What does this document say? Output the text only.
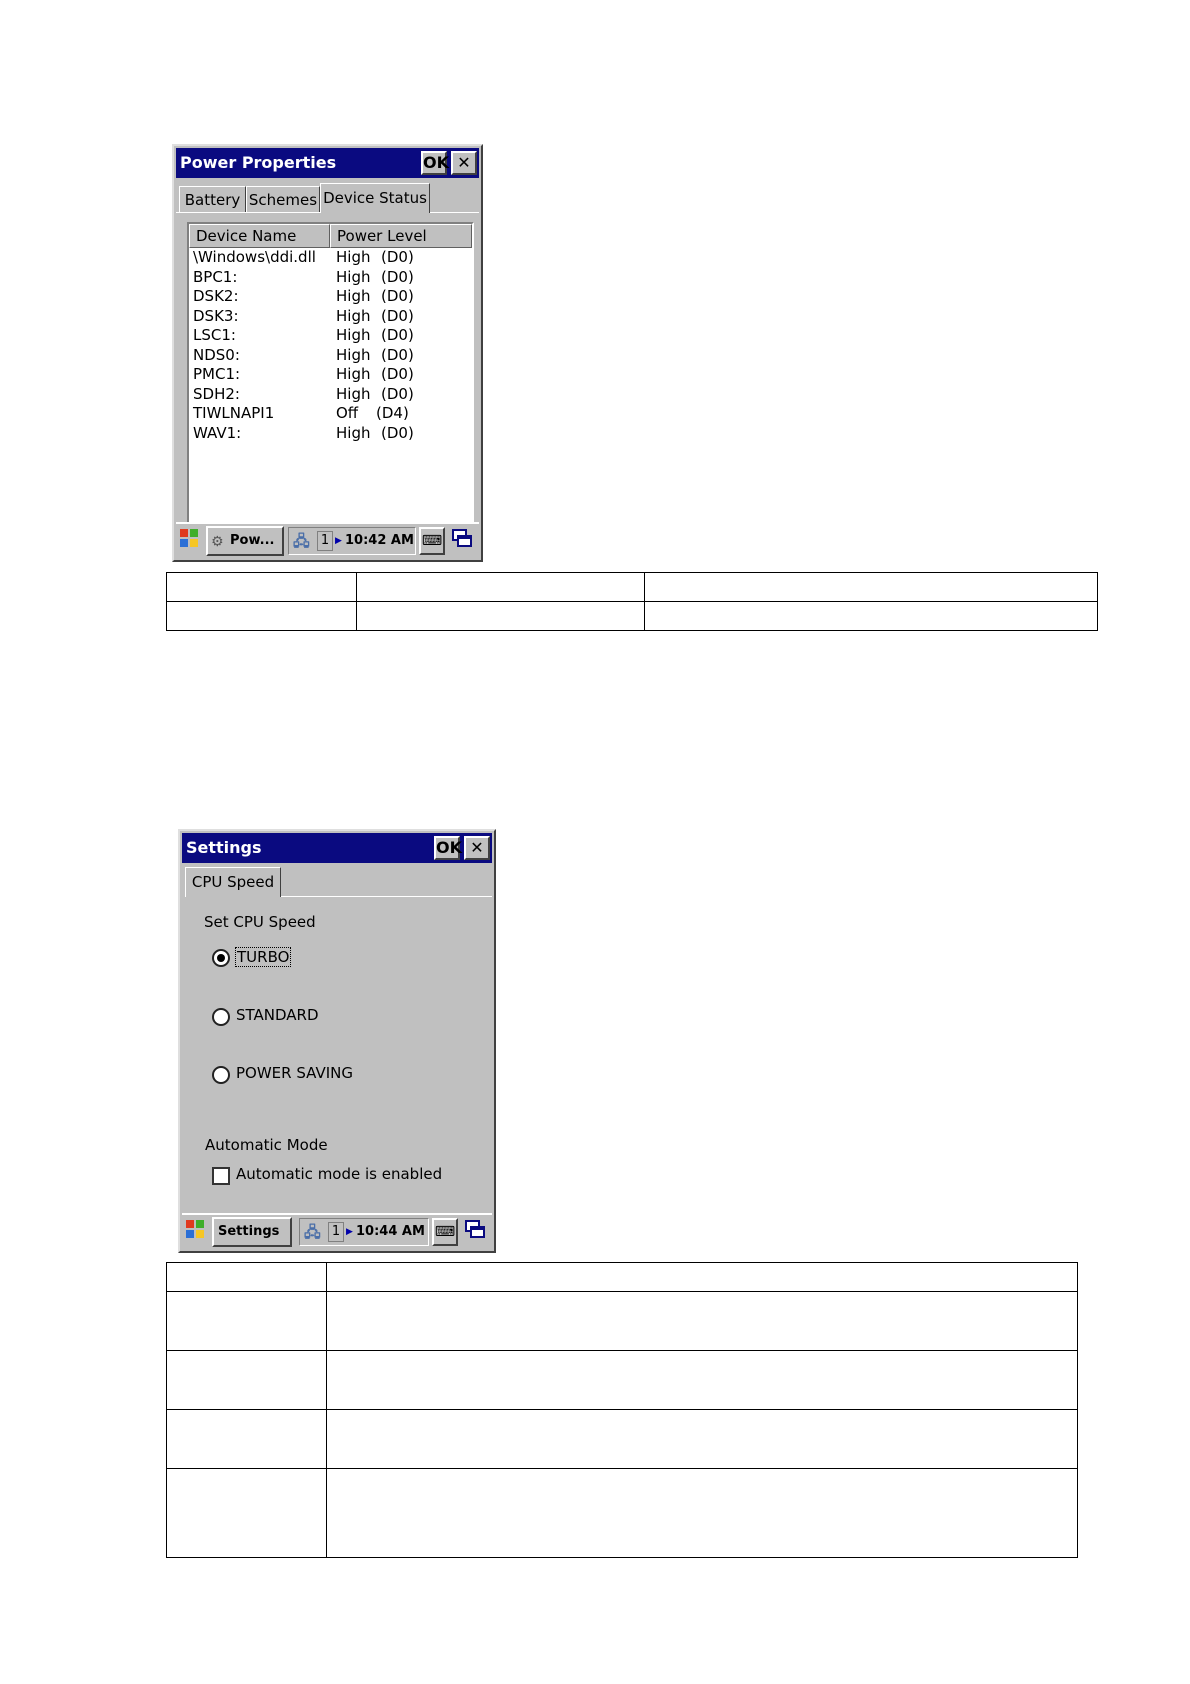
Power Properties	OK ✕
Battery Schemes Device Status
Device Name	Power Level
\Windows\ddi.dll High (D0)
BPC1:	High (D0)
DSK2:	High (D0)
DSK3:	High (D0)
LSC1:	High (D0)
NDS0:	High (D0)
PMC1:	High (D0)
SDH2:	High (D0)
TIWLNAPI1	Off (D4)
WAV1:	High (D0)
⚙ Pow...	🖧 1 ▶ 10:42 AM ⌨

Settings	OK ✕
CPU Speed
Set CPU Speed
TURBO
STANDARD
POWER SAVING
Automatic Mode
Automatic mode is enabled
Settings	🖧 1 ▶ 10:44 AM ⌨
